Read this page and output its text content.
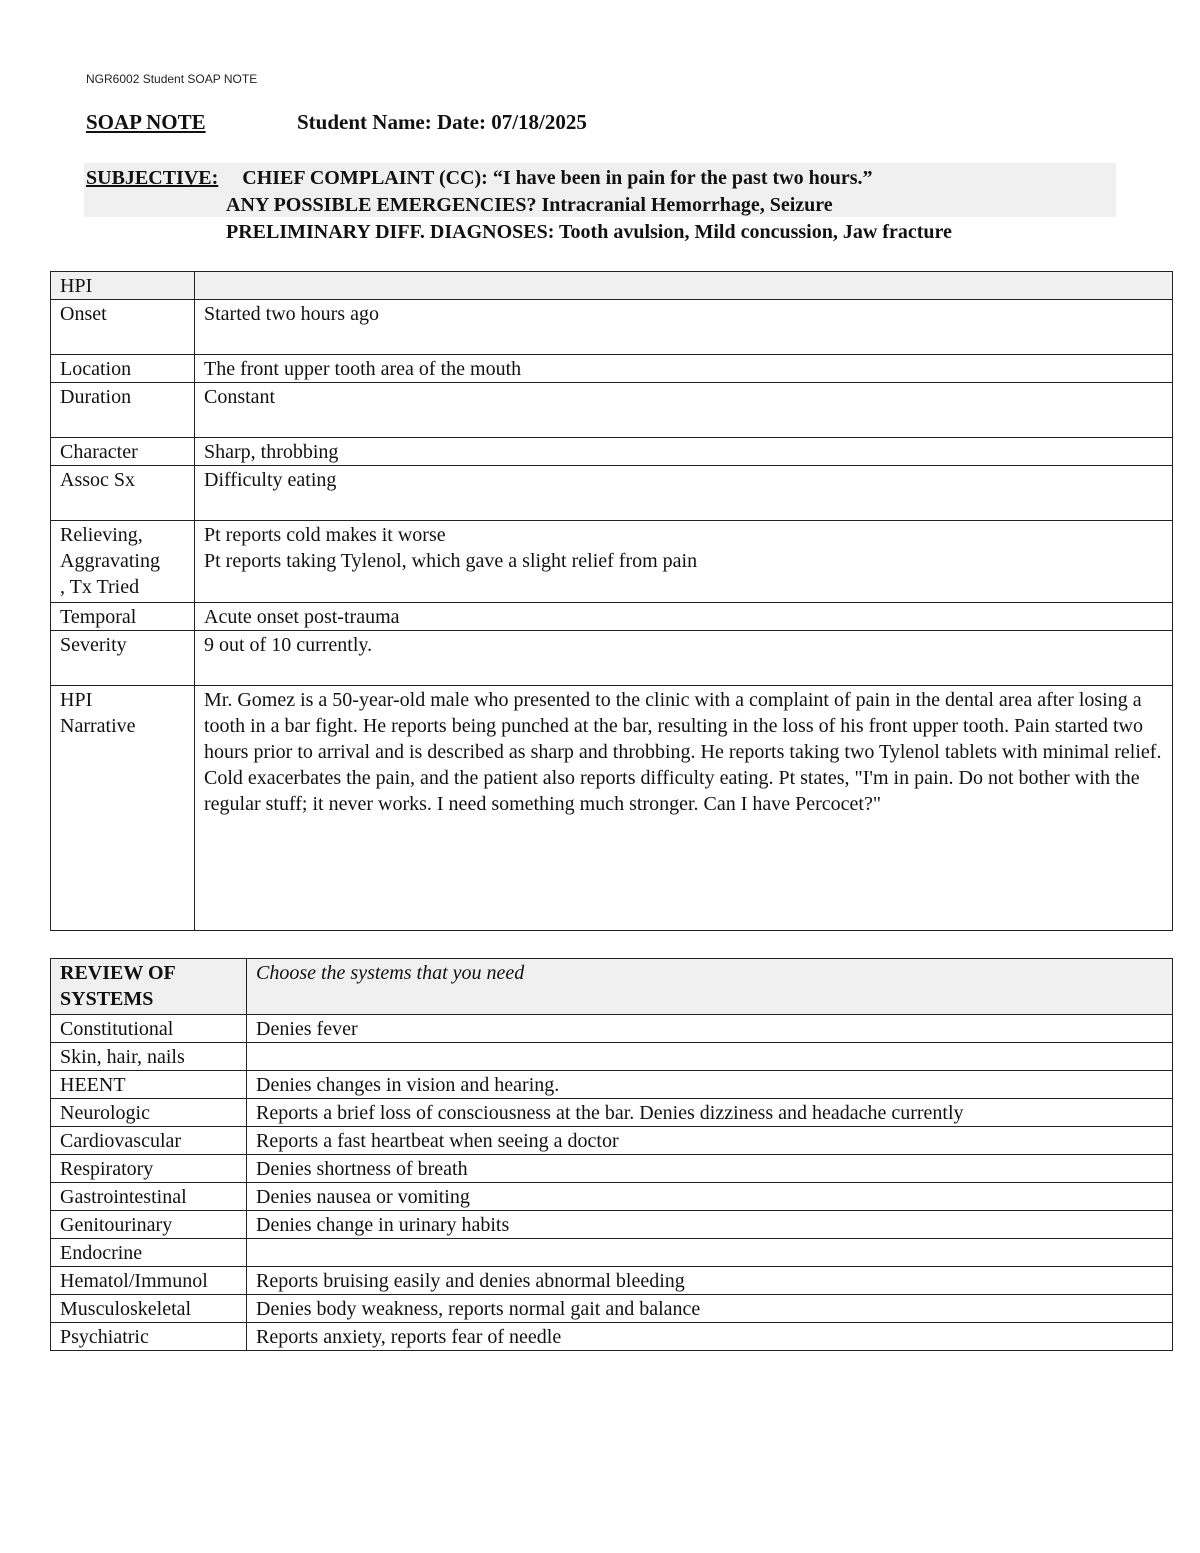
NGR6002 Student SOAP NOTE
SOAP NOTE	Student Name: Date: 07/18/2025
SUBJECTIVE: CHIEF COMPLAINT (CC): “I have been in pain for the past two hours.”
ANY POSSIBLE EMERGENCIES? Intracranial Hemorrhage, Seizure
PRELIMINARY DIFF. DIAGNOSES: Tooth avulsion, Mild concussion, Jaw fracture
HPI	
Onset	Started two hours ago
Location	The front upper tooth area of the mouth
Duration	Constant
Character	Sharp, throbbing
Assoc Sx	Difficulty eating
Relieving,
Aggravating
, Tx Tried	Pt reports cold makes it worse
Pt reports taking Tylenol, which gave a slight relief from pain
Temporal	Acute onset post-trauma
Severity	9 out of 10 currently.
HPI
Narrative	Mr. Gomez is a 50-year-old male who presented to the clinic with a complaint of pain in the dental area after losing a tooth in a bar fight. He reports being punched at the bar, resulting in the loss of his front upper tooth. Pain started two hours prior to arrival and is described as sharp and throbbing. He reports taking two Tylenol tablets with minimal relief. Cold exacerbates the pain, and the patient also reports difficulty eating. Pt states, "I'm in pain. Do not bother with the regular stuff; it never works. I need something much stronger. Can I have Percocet?"
REVIEW OF SYSTEMS	Choose the systems that you need
Constitutional	Denies fever
Skin, hair, nails	
HEENT	Denies changes in vision and hearing.
Neurologic	Reports a brief loss of consciousness at the bar. Denies dizziness and headache currently
Cardiovascular	Reports a fast heartbeat when seeing a doctor
Respiratory	Denies shortness of breath
Gastrointestinal	Denies nausea or vomiting
Genitourinary	Denies change in urinary habits
Endocrine	
Hematol/Immunol	Reports bruising easily and denies abnormal bleeding
Musculoskeletal	Denies body weakness, reports normal gait and balance
Psychiatric	Reports anxiety, reports fear of needle
